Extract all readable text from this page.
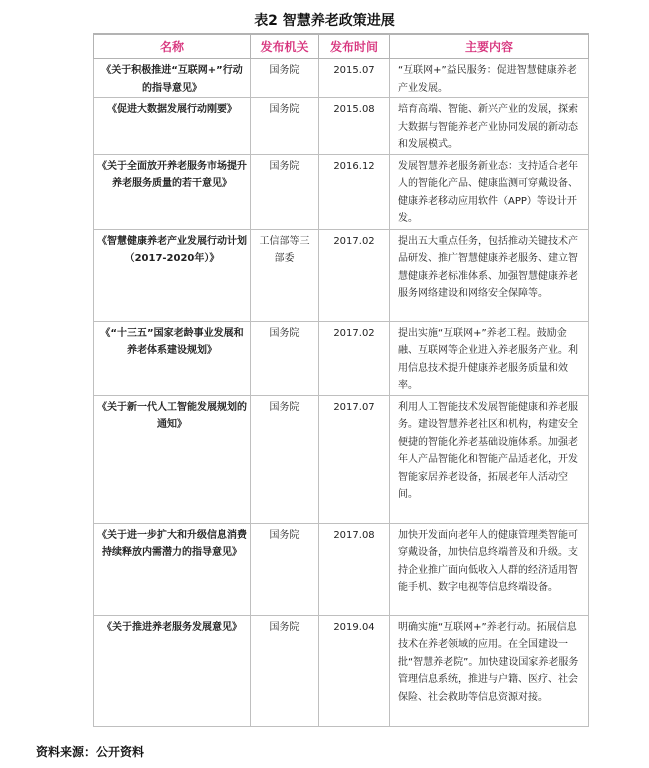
表2 智慧养老政策进展
名称	发布机关	发布时间	主要内容
《关于积极推进“互联网+”行动的指导意见》	国务院	2015.07	“互联网+”益民服务：促进智慧健康养老产业发展。
《促进大数据发展行动刚要》	国务院	2015.08	培育高端、智能、新兴产业的发展，探索大数据与智能养老产业协同发展的新动态和发展模式。
《关于全面放开养老服务市场提升养老服务质量的若干意见》	国务院	2016.12	发展智慧养老服务新业态：支持适合老年人的智能化产品、健康监测可穿戴设备、健康养老移动应用软件（APP）等设计开发。
《智慧健康养老产业发展行动计划（2017-2020年）》	工信部等三部委	2017.02	提出五大重点任务，包括推动关键技术产品研发、推广智慧健康养老服务、建立智慧健康养老标准体系、加强智慧健康养老服务网络建设和网络安全保障等。
《“十三五”国家老龄事业发展和养老体系建设规划》	国务院	2017.02	提出实施“互联网+”养老工程。鼓励金融、互联网等企业进入养老服务产业。利用信息技术提升健康养老服务质量和效率。
《关于新一代人工智能发展规划的通知》	国务院	2017.07	利用人工智能技术发展智能健康和养老服务。建设智慧养老社区和机构，构建安全便捷的智能化养老基础设施体系。加强老年人产品智能化和智能产品适老化，开发智能家居养老设备，拓展老年人活动空间。
《关于进一步扩大和升级信息消费持续释放内需潜力的指导意见》	国务院	2017.08	加快开发面向老年人的健康管理类智能可穿戴设备，加快信息终端普及和升级。支持企业推广面向低收入人群的经济适用智能手机、数字电视等信息终端设备。
《关于推进养老服务发展意见》	国务院	2019.04	明确实施“互联网+”养老行动。拓展信息技术在养老领域的应用。在全国建设一批“智慧养老院”。加快建设国家养老服务管理信息系统，推进与户籍、医疗、社会保险、社会救助等信息资源对接。
资料来源：公开资料
